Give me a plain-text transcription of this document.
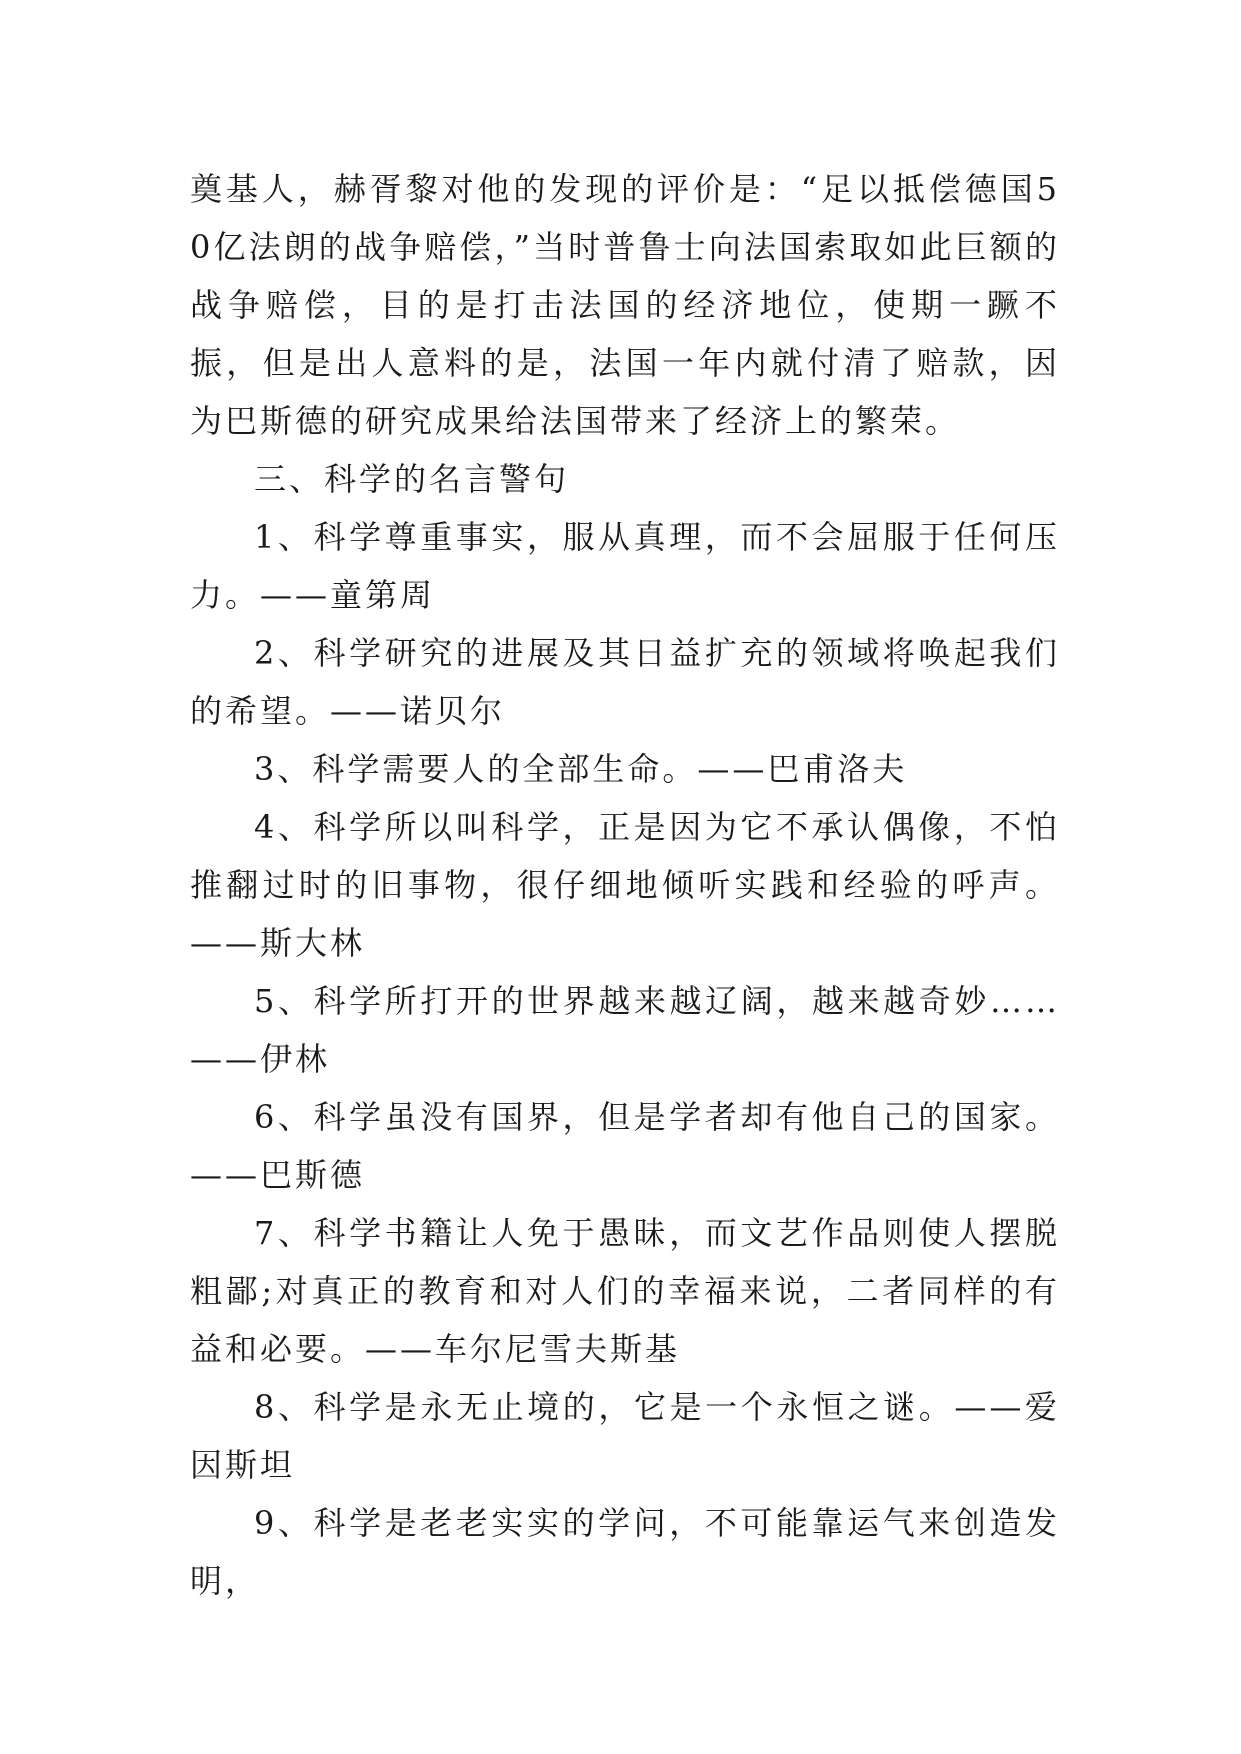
奠基人，赫胥黎对他的发现的评价是：“足以抵偿德国50亿法朗的战争赔偿，”当时普鲁士向法国索取如此巨额的战争赔偿，目的是打击法国的经济地位，使期一蹶不振，但是出人意料的是，法国一年内就付清了赔款，因为巴斯德的研究成果给法国带来了经济上的繁荣。

三、科学的名言警句

1、科学尊重事实，服从真理，而不会屈服于任何压力。——童第周

2、科学研究的进展及其日益扩充的领域将唤起我们的希望。——诺贝尔

3、科学需要人的全部生命。——巴甫洛夫

4、科学所以叫科学，正是因为它不承认偶像，不怕推翻过时的旧事物，很仔细地倾听实践和经验的呼声。——斯大林

5、科学所打开的世界越来越辽阔，越来越奇妙……——伊林

6、科学虽没有国界，但是学者却有他自己的国家。——巴斯德

7、科学书籍让人免于愚昧，而文艺作品则使人摆脱粗鄙;对真正的教育和对人们的幸福来说，二者同样的有益和必要。——车尔尼雪夫斯基

8、科学是永无止境的，它是一个永恒之谜。——爱因斯坦

9、科学是老老实实的学问，不可能靠运气来创造发明，
